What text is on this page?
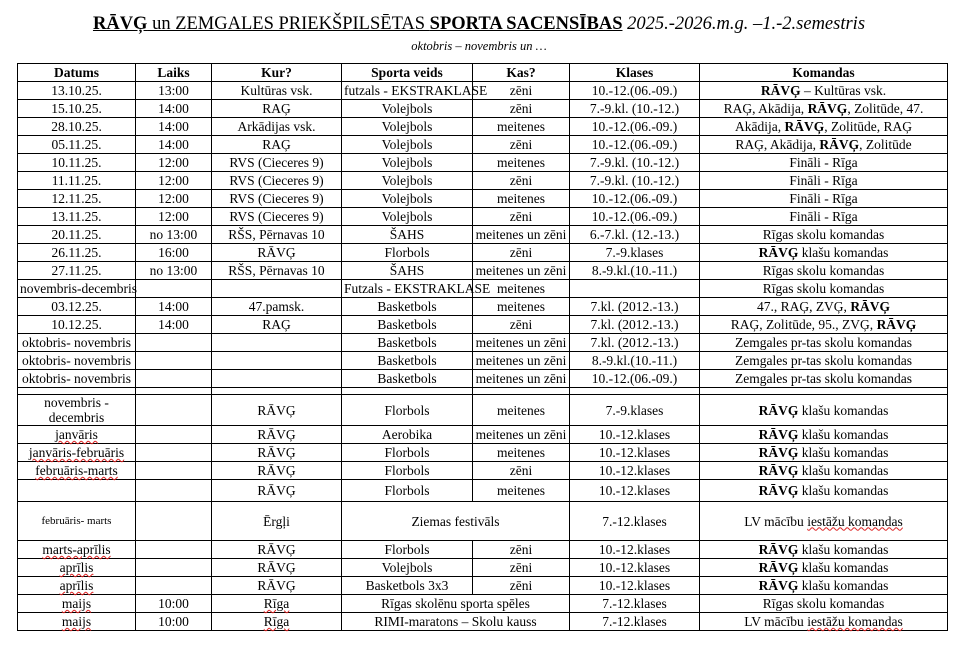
RĀVĢ un ZEMGALES PRIEKŠPILSĒTAS SPORTA SACENSĪBAS 2025.-2026.m.g. –1.-2.semestris
oktobris – novembris un …
Datums	Laiks	Kur?	Sporta veids	Kas?	Klases	Komandas
13.10.25.	13:00	Kultūras vsk.	futzals - EKSTRAKLASE	zēni	10.-12.(06.-09.)	RĀVĢ – Kultūras vsk.
15.10.25.	14:00	RAĢ	Volejbols	zēni	7.-9.kl. (10.-12.)	RAĢ, Akādija, RĀVĢ, Zolitūde, 47.
28.10.25.	14:00	Arkādijas vsk.	Volejbols	meitenes	10.-12.(06.-09.)	Akādija, RĀVĢ, Zolitūde, RAĢ
05.11.25.	14:00	RAĢ	Volejbols	zēni	10.-12.(06.-09.)	RAĢ, Akādija, RĀVĢ, Zolitūde
10.11.25.	12:00	RVS (Cieceres 9)	Volejbols	meitenes	7.-9.kl. (10.-12.)	Fināli - Rīga
11.11.25.	12:00	RVS (Cieceres 9)	Volejbols	zēni	7.-9.kl. (10.-12.)	Fināli - Rīga
12.11.25.	12:00	RVS (Cieceres 9)	Volejbols	meitenes	10.-12.(06.-09.)	Fināli - Rīga
13.11.25.	12:00	RVS (Cieceres 9)	Volejbols	zēni	10.-12.(06.-09.)	Fināli - Rīga
20.11.25.	no 13:00	RŠS, Pērnavas 10	ŠAHS	meitenes un zēni	6.-7.kl. (12.-13.)	Rīgas skolu komandas
26.11.25.	16:00	RĀVĢ	Florbols	zēni	7.-9.klases	RĀVĢ klašu komandas
27.11.25.	no 13:00	RŠS, Pērnavas 10	ŠAHS	meitenes un zēni	8.-9.kl.(10.-11.)	Rīgas skolu komandas
novembris-decembris			Futzals - EKSTRAKLASE	meitenes		Rīgas skolu komandas
03.12.25.	14:00	47.pamsk.	Basketbols	meitenes	7.kl. (2012.-13.)	47., RAĢ, ZVĢ, RĀVĢ
10.12.25.	14:00	RAĢ	Basketbols	zēni	7.kl. (2012.-13.)	RAĢ, Zolitūde, 95., ZVĢ, RĀVĢ
oktobris- novembris			Basketbols	meitenes un zēni	7.kl. (2012.-13.)	Zemgales pr-tas skolu komandas
oktobris- novembris			Basketbols	meitenes un zēni	8.-9.kl.(10.-11.)	Zemgales pr-tas skolu komandas
oktobris- novembris			Basketbols	meitenes un zēni	10.-12.(06.-09.)	Zemgales pr-tas skolu komandas

novembris - decembris		RĀVĢ	Florbols	meitenes	7.-9.klases	RĀVĢ klašu komandas
janvāris		RĀVĢ	Aerobika	meitenes un zēni	10.-12.klases	RĀVĢ klašu komandas
janvāris-februāris		RĀVĢ	Florbols	meitenes	10.-12.klases	RĀVĢ klašu komandas
februāris-marts		RĀVĢ	Florbols	zēni	10.-12.klases	RĀVĢ klašu komandas
		RĀVĢ	Florbols	meitenes	10.-12.klases	RĀVĢ klašu komandas
februāris- marts		Ērgļi	Ziemas festivāls		7.-12.klases	LV mācību iestāžu komandas
marts-aprīlis		RĀVĢ	Florbols	zēni	10.-12.klases	RĀVĢ klašu komandas
aprīlis		RĀVĢ	Volejbols	zēni	10.-12.klases	RĀVĢ klašu komandas
aprīlis		RĀVĢ	Basketbols 3x3	zēni	10.-12.klases	RĀVĢ klašu komandas
maijs	10:00	Rīga	Rīgas skolēnu sporta spēles		7.-12.klases	Rīgas skolu komandas
maijs	10:00	Rīga	RIMI-maratons – Skolu kauss		7.-12.klases	LV mācību iestāžu komandas
